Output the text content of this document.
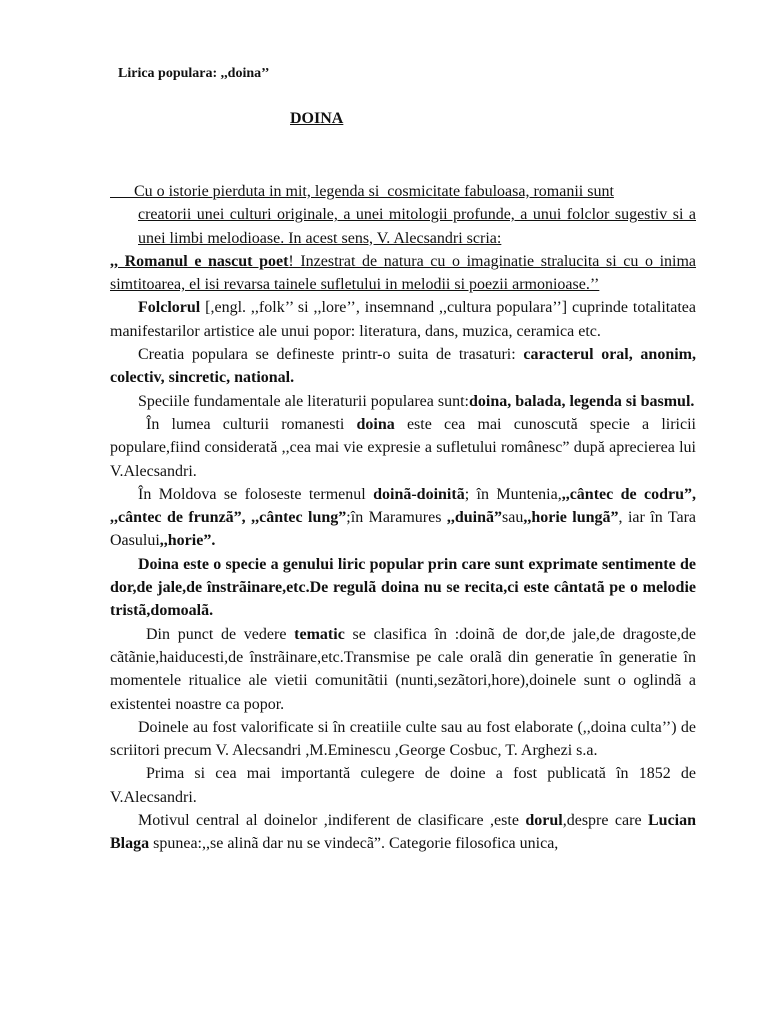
Lirica populara: ,,doina’’
DOINA

Cu o istorie pierduta in mit, legenda si  cosmicitate fabuloasa, romanii sunt

creatorii unei culturi originale, a unei mitologii profunde, a unui folclor sugestiv si a unei limbi melodioase. In acest sens, V. Alecsandri scria:

,, Romanul e nascut poet! Inzestrat de natura cu o imaginatie stralucita si cu o inima simtitoarea, el isi revarsa tainele sufletului in melodii si poezii armonioase.’’

Folclorul [,engl. ,,folk’’ si ,,lore’’, insemnand ,,cultura populara’’] cuprinde totalitatea manifestarilor artistice ale unui popor: literatura, dans, muzica, ceramica etc.

Creatia populara se defineste printr-o suita de trasaturi: caracterul oral, anonim, colectiv, sincretic, national.

Speciile fundamentale ale literaturii popularea sunt:doina, balada, legenda si basmul.

În lumea culturii romanesti doina este cea mai cunoscută specie a liricii populare,fiind considerată ,,cea mai vie expresie a sufletului românesc” după aprecierea lui V.Alecsandri.

În Moldova se foloseste termenul doinã-doinitã; în Muntenia,,,cântec de codru”, ,,cântec de frunzã”, ,,cântec lung”;în Maramures ,,duinã”sau,,horie lungã”, iar în Tara Oasului,,horie”.

Doina este o specie a genului liric popular prin care sunt exprimate sentimente de dor,de jale,de înstrãinare,etc.De regulã doina nu se recita,ci este cântatã pe o melodie tristã,domoalã.

Din punct de vedere tematic se clasifica în :doinã de dor,de jale,de dragoste,de cãtãnie,haiducesti,de înstrãinare,etc.Transmise pe cale oralã din generatie în generatie în momentele ritualice ale vietii comunitãtii (nunti,sezãtori,hore),doinele sunt o oglindã a existentei noastre ca popor.

Doinele au fost valorificate si în creatiile culte sau au fost elaborate (,,doina culta’’) de scriitori precum V. Alecsandri ,M.Eminescu ,George Cosbuc, T. Arghezi s.a.

Prima si cea mai importantă culegere de doine a fost publicată în 1852 de V.Alecsandri.

Motivul central al doinelor ,indiferent de clasificare ,este dorul,despre care Lucian Blaga spunea:,,se alinã dar nu se vindecã”. Categorie filosofica unica,
